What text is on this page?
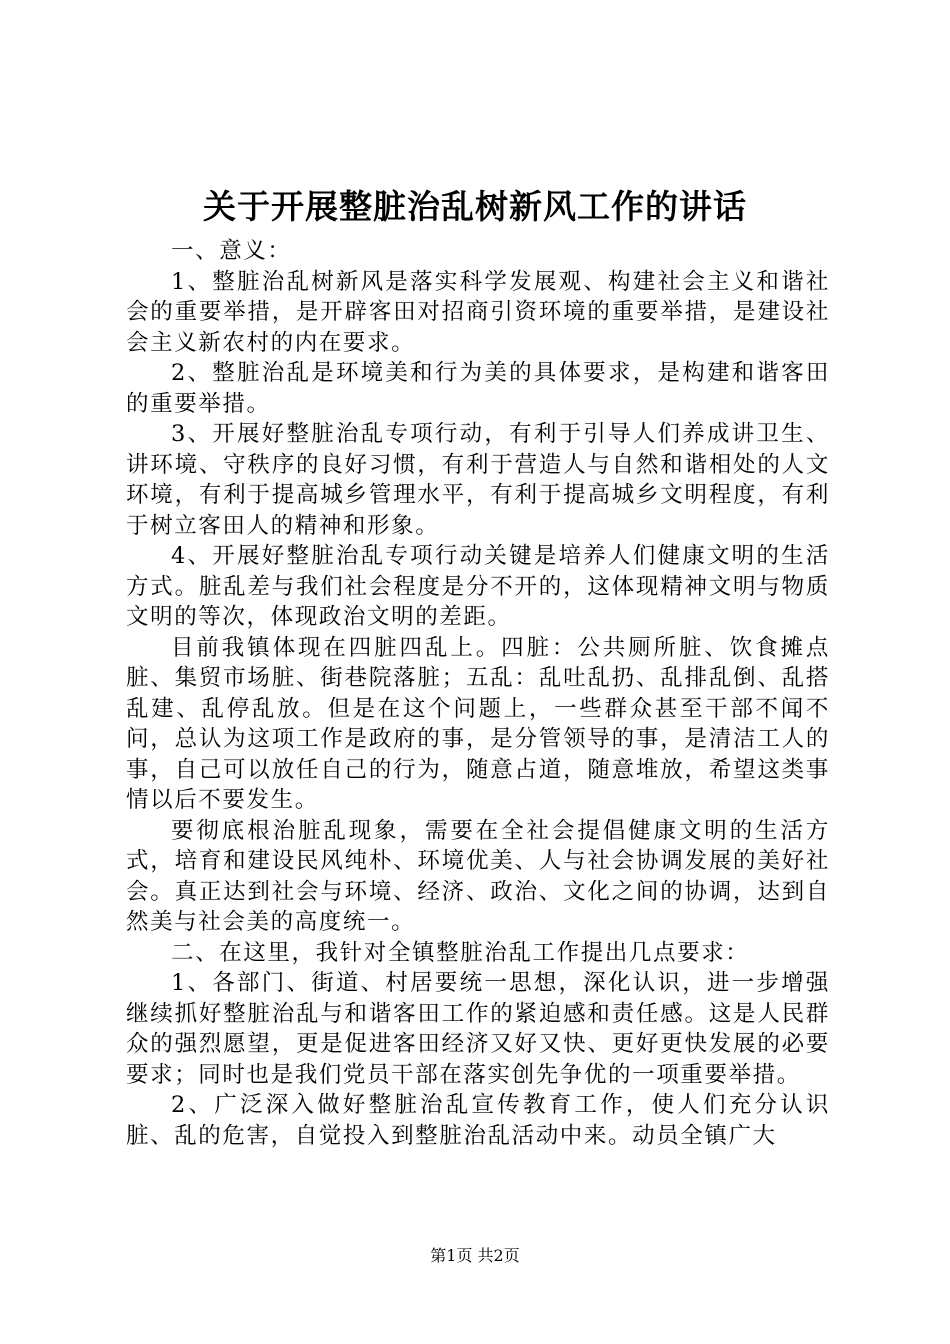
关于开展整脏治乱树新风工作的讲话

一、意义：

1、整脏治乱树新风是落实科学发展观、构建社会主义和谐社会的重要举措，是开辟客田对招商引资环境的重要举措，是建设社会主义新农村的内在要求。

2、整脏治乱是环境美和行为美的具体要求，是构建和谐客田的重要举措。

3、开展好整脏治乱专项行动，有利于引导人们养成讲卫生、讲环境、守秩序的良好习惯，有利于营造人与自然和谐相处的人文环境，有利于提高城乡管理水平，有利于提高城乡文明程度，有利于树立客田人的精神和形象。

4、开展好整脏治乱专项行动关键是培养人们健康文明的生活方式。脏乱差与我们社会程度是分不开的，这体现精神文明与物质文明的等次，体现政治文明的差距。

目前我镇体现在四脏四乱上。四脏：公共厕所脏、饮食摊点脏、集贸市场脏、街巷院落脏；五乱：乱吐乱扔、乱排乱倒、乱搭乱建、乱停乱放。但是在这个问题上，一些群众甚至干部不闻不问，总认为这项工作是政府的事，是分管领导的事，是清洁工人的事，自己可以放任自己的行为，随意占道，随意堆放，希望这类事情以后不要发生。

要彻底根治脏乱现象，需要在全社会提倡健康文明的生活方式，培育和建设民风纯朴、环境优美、人与社会协调发展的美好社会。真正达到社会与环境、经济、政治、文化之间的协调，达到自然美与社会美的高度统一。

二、在这里，我针对全镇整脏治乱工作提出几点要求：

1、各部门、街道、村居要统一思想，深化认识，进一步增强继续抓好整脏治乱与和谐客田工作的紧迫感和责任感。这是人民群众的强烈愿望，更是促进客田经济又好又快、更好更快发展的必要要求；同时也是我们党员干部在落实创先争优的一项重要举措。

2、广泛深入做好整脏治乱宣传教育工作，使人们充分认识脏、乱的危害，自觉投入到整脏治乱活动中来。动员全镇广大

第1页 共2页
